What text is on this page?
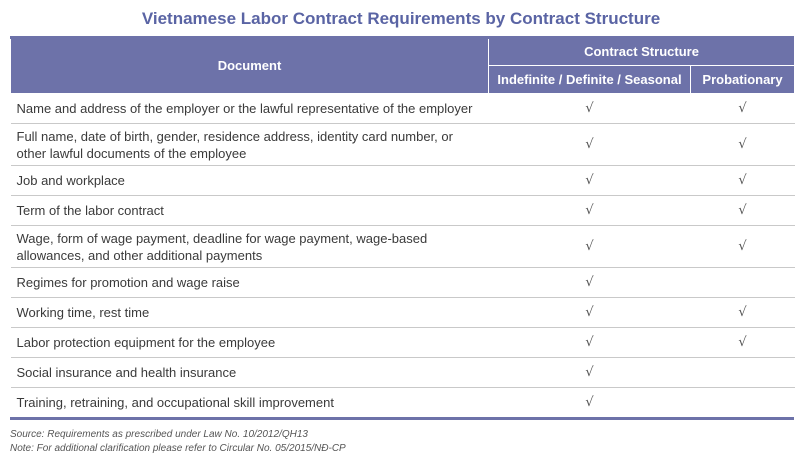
Vietnamese Labor Contract Requirements by Contract Structure
Document	Contract Structure	
	Indefinite / Definite / Seasonal	Probationary
Name and address of the employer or the lawful representative of the employer	√	√
Full name, date of birth, gender, residence address, identity card number, or other lawful documents of the employee	√	√
Job and workplace	√	√
Term of the labor contract	√	√
Wage, form of wage payment, deadline for wage payment, wage-based allowances, and other additional payments	√	√
Regimes for promotion and wage raise	√	
Working time, rest time	√	√
Labor protection equipment for the employee	√	√
Social insurance and health insurance	√	
Training, retraining, and occupational skill improvement	√	
Source: Requirements as prescribed under Law No. 10/2012/QH13
Note: For additional clarification please refer to Circular No. 05/2015/NĐ-CP
